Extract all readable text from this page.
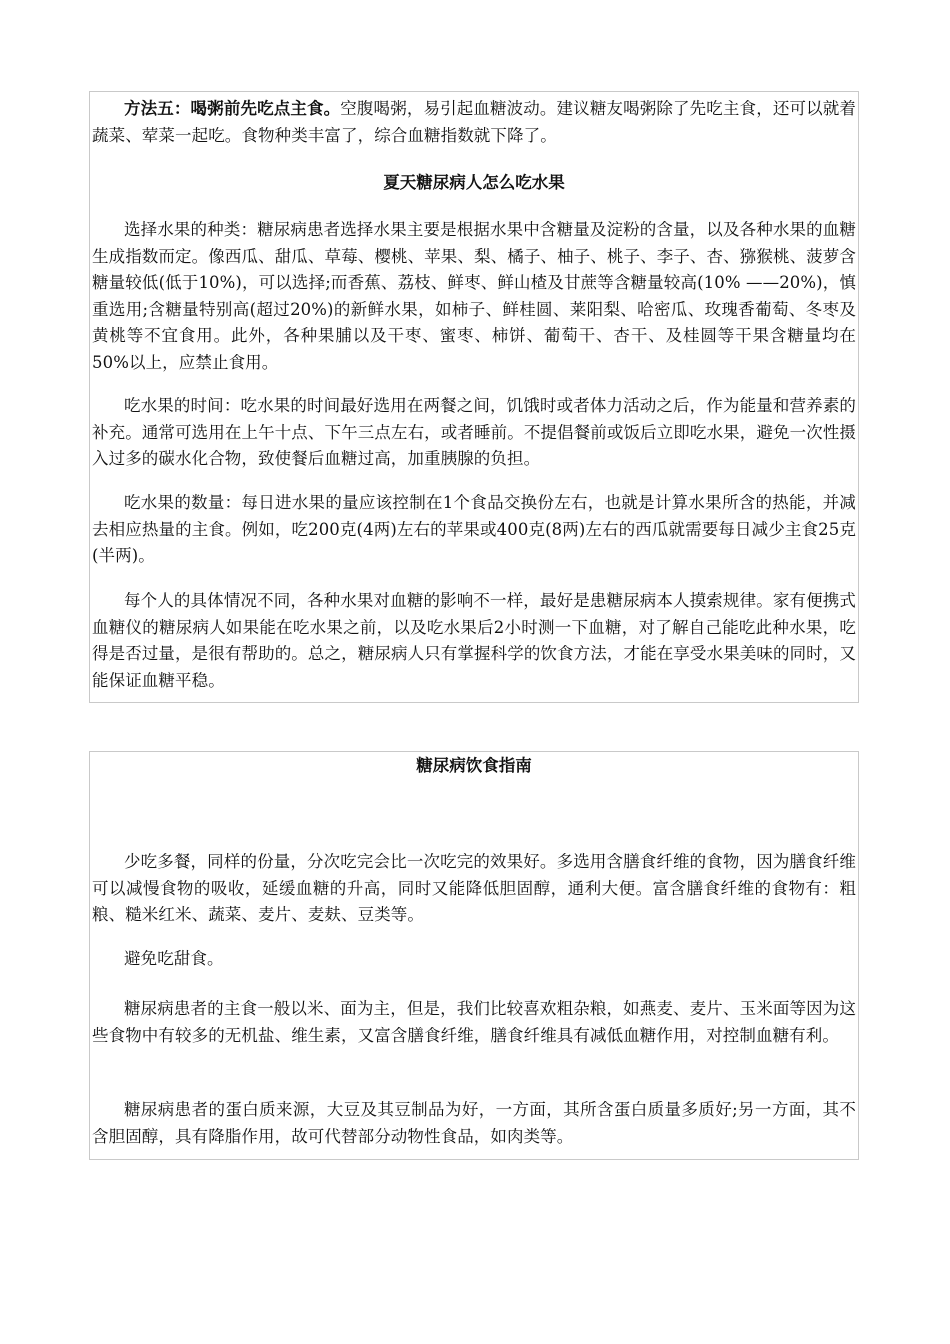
方法五：喝粥前先吃点主食。空腹喝粥，易引起血糖波动。建议糖友喝粥除了先吃主食，还可以就着蔬菜、荤菜一起吃。食物种类丰富了，综合血糖指数就下降了。

夏天糖尿病人怎么吃水果

选择水果的种类：糖尿病患者选择水果主要是根据水果中含糖量及淀粉的含量，以及各种水果的血糖生成指数而定。像西瓜、甜瓜、草莓、樱桃、苹果、梨、橘子、柚子、桃子、李子、杏、猕猴桃、菠萝含糖量较低(低于10%)，可以选择;而香蕉、荔枝、鲜枣、鲜山楂及甘蔗等含糖量较高(10% ——20%)，慎重选用;含糖量特别高(超过20%)的新鲜水果，如柿子、鲜桂圆、莱阳梨、哈密瓜、玫瑰香葡萄、冬枣及黄桃等不宜食用。此外，各种果脯以及干枣、蜜枣、柿饼、葡萄干、杏干、及桂圆等干果含糖量均在50%以上，应禁止食用。

吃水果的时间：吃水果的时间最好选用在两餐之间，饥饿时或者体力活动之后，作为能量和营养素的补充。通常可选用在上午十点、下午三点左右，或者睡前。不提倡餐前或饭后立即吃水果，避免一次性摄入过多的碳水化合物，致使餐后血糖过高，加重胰腺的负担。

吃水果的数量：每日进水果的量应该控制在1个食品交换份左右，也就是计算水果所含的热能，并减去相应热量的主食。例如，吃200克(4两)左右的苹果或400克(8两)左右的西瓜就需要每日减少主食25克(半两)。

每个人的具体情况不同，各种水果对血糖的影响不一样，最好是患糖尿病本人摸索规律。家有便携式血糖仪的糖尿病人如果能在吃水果之前，以及吃水果后2小时测一下血糖，对了解自己能吃此种水果，吃得是否过量，是很有帮助的。总之，糖尿病人只有掌握科学的饮食方法，才能在享受水果美味的同时，又能保证血糖平稳。

糖尿病饮食指南

少吃多餐，同样的份量，分次吃完会比一次吃完的效果好。多选用含膳食纤维的食物，因为膳食纤维可以减慢食物的吸收，延缓血糖的升高，同时又能降低胆固醇，通利大便。富含膳食纤维的食物有：粗粮、糙米红米、蔬菜、麦片、麦麸、豆类等。

避免吃甜食。

糖尿病患者的主食一般以米、面为主，但是，我们比较喜欢粗杂粮，如燕麦、麦片、玉米面等因为这些食物中有较多的无机盐、维生素，又富含膳食纤维，膳食纤维具有减低血糖作用，对控制血糖有利。

糖尿病患者的蛋白质来源，大豆及其豆制品为好，一方面，其所含蛋白质量多质好;另一方面，其不含胆固醇，具有降脂作用，故可代替部分动物性食品，如肉类等。
